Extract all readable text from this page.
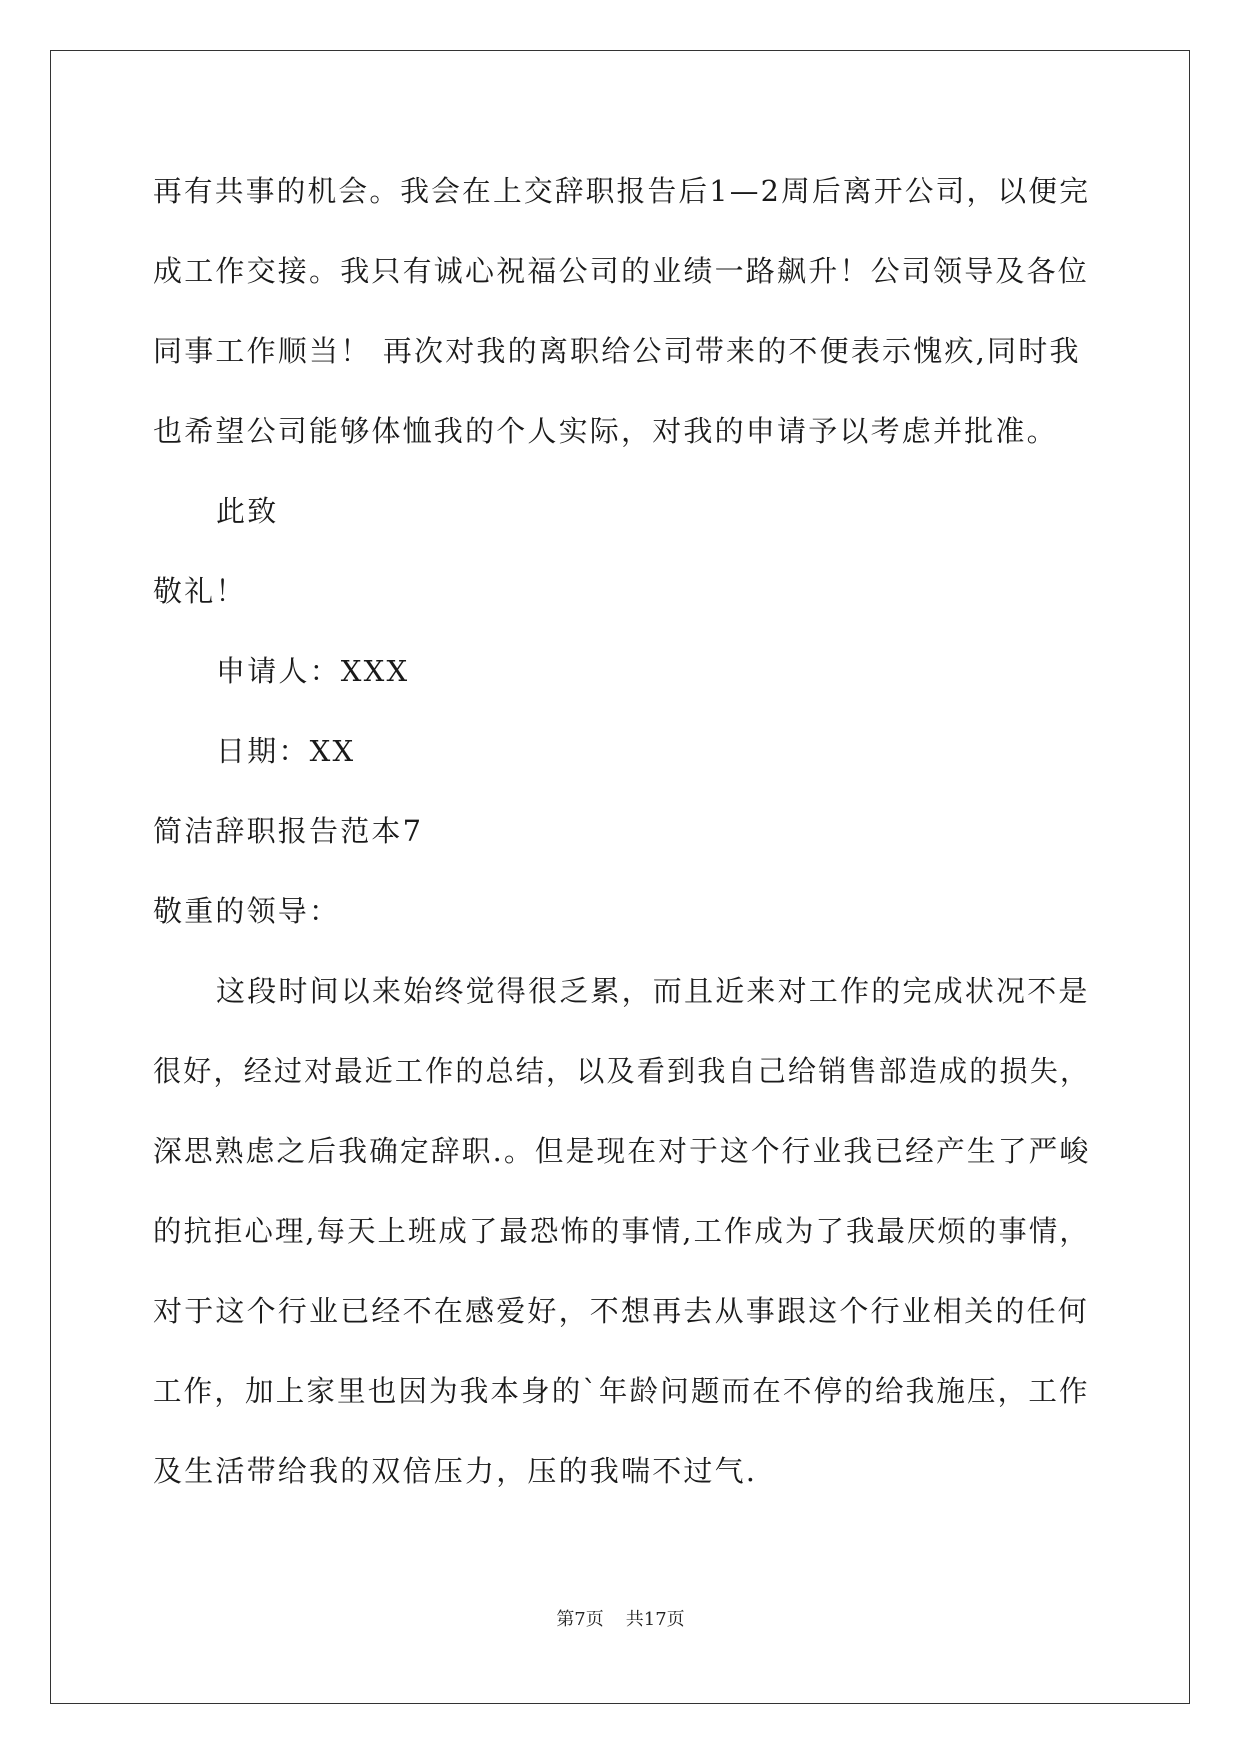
再有共事的机会。我会在上交辞职报告后1—2周后离开公司，以便完
成工作交接。我只有诚心祝福公司的业绩一路飙升！公司领导及各位
同事工作顺当！ 再次对我的离职给公司带来的不便表示愧疚,同时我
也希望公司能够体恤我的个人实际，对我的申请予以考虑并批准。
此致
敬礼！
申请人：XXX
日期：XX
简洁辞职报告范本7
敬重的领导：
这段时间以来始终觉得很乏累，而且近来对工作的完成状况不是
很好，经过对最近工作的总结，以及看到我自己给销售部造成的损失，
深思熟虑之后我确定辞职.。但是现在对于这个行业我已经产生了严峻
的抗拒心理,每天上班成了最恐怖的事情,工作成为了我最厌烦的事情，
对于这个行业已经不在感爱好，不想再去从事跟这个行业相关的任何
工作，加上家里也因为我本身的`年龄问题而在不停的给我施压，工作
及生活带给我的双倍压力，压的我喘不过气.
第7页 共17页
